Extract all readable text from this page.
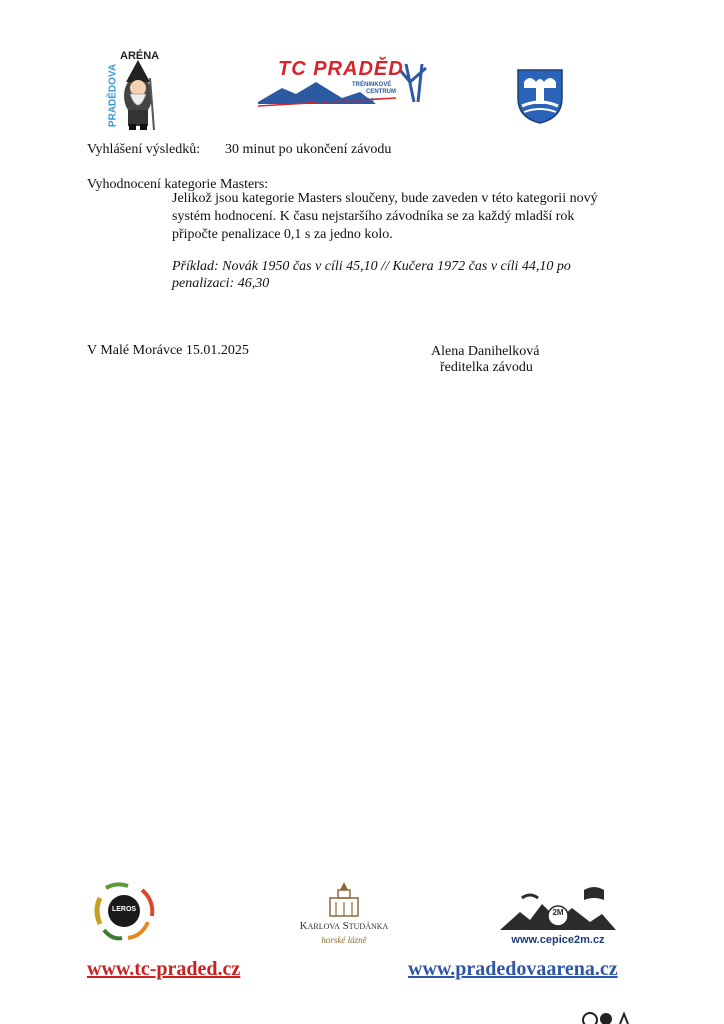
PRADĚDOVA
ARÉNA
TC PRADĚD
TRÉNINKOVÉ
CENTRUM
MALÁ MORÁVKA
Vyhlášení výsledků: 30 minut po ukončení závodu
Vyhodnocení kategorie Masters:
Jelikož jsou kategorie Masters sloučeny, bude zaveden v této kategorii nový
systém hodnocení. K času nejstaršího závodníka se za každý mladší rok
připočte penalizace 0,1 s za jedno kolo.
Příklad: Novák 1950 čas v cíli 45,10 // Kučera 1972 čas v cíli 44,10 po
penalizaci: 46,30
V Malé Morávce 15.01.2025	Alena Danihelková
ředitelka závodu
LEROS
Karlova Studánka
horské lázně
2M
www.cepice2m.cz
www.tc-praded.cz	www.pradedovaarena.cz
